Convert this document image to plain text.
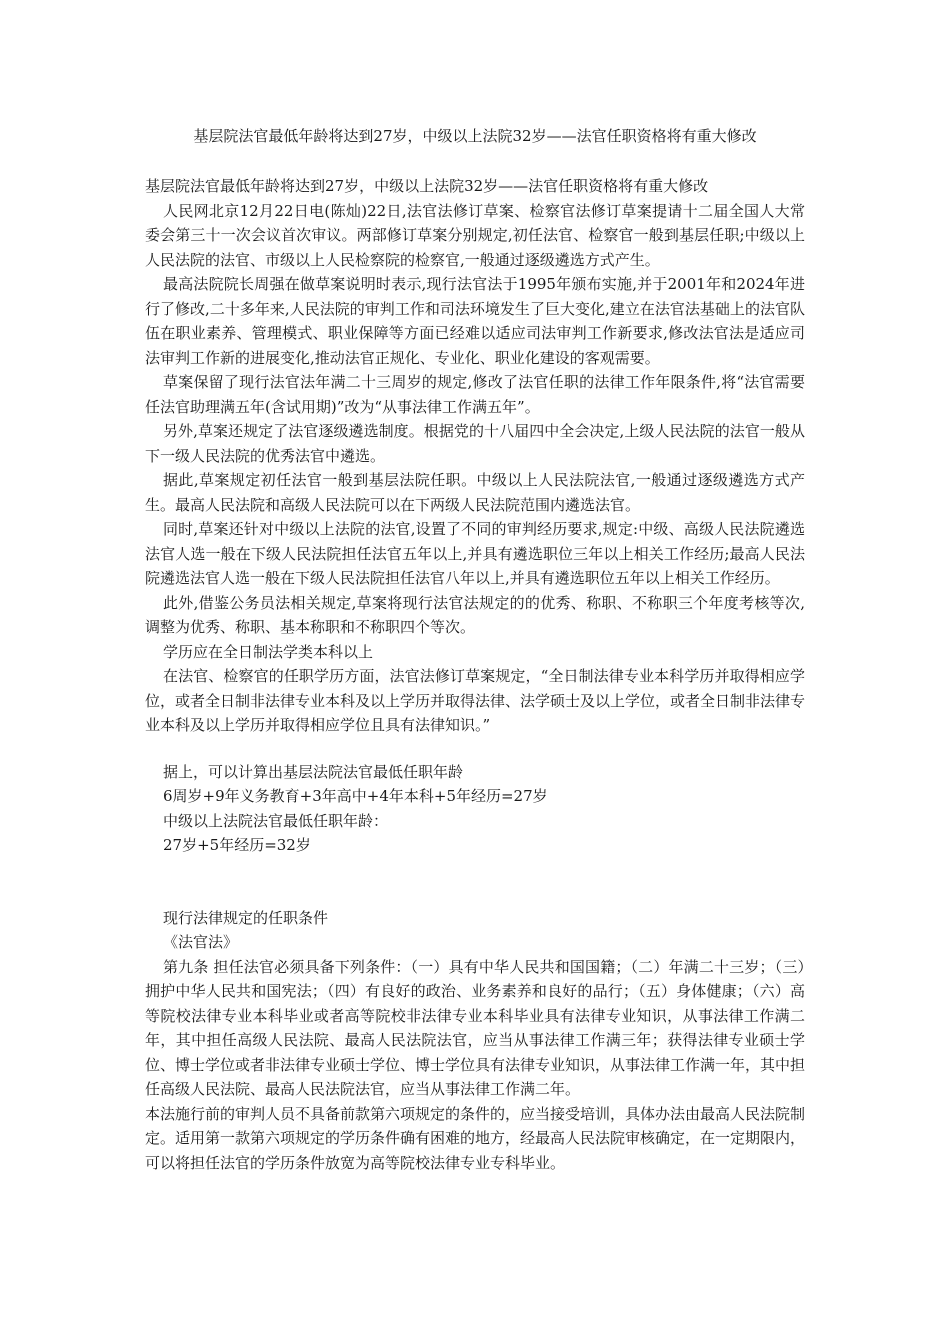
基层院法官最低年龄将达到27岁，中级以上法院32岁——法官任职资格将有重大修改

基层院法官最低年龄将达到27岁，中级以上法院32岁——法官任职资格将有重大修改

人民网北京12月22日电(陈灿)22日,法官法修订草案、检察官法修订草案提请十二届全国人大常委会第三十一次会议首次审议。两部修订草案分别规定,初任法官、检察官一般到基层任职;中级以上人民法院的法官、市级以上人民检察院的检察官,一般通过逐级遴选方式产生。

最高法院院长周强在做草案说明时表示,现行法官法于1995年颁布实施,并于2001年和2024年进行了修改,二十多年来,人民法院的审判工作和司法环境发生了巨大变化,建立在法官法基础上的法官队伍在职业素养、管理模式、职业保障等方面已经难以适应司法审判工作新要求,修改法官法是适应司法审判工作新的进展变化,推动法官正规化、专业化、职业化建设的客观需要。

草案保留了现行法官法年满二十三周岁的规定,修改了法官任职的法律工作年限条件,将“法官需要任法官助理满五年(含试用期)”改为“从事法律工作满五年”。

另外,草案还规定了法官逐级遴选制度。根据党的十八届四中全会决定,上级人民法院的法官一般从下一级人民法院的优秀法官中遴选。

据此,草案规定初任法官一般到基层法院任职。中级以上人民法院法官,一般通过逐级遴选方式产生。最高人民法院和高级人民法院可以在下两级人民法院范围内遴选法官。

同时,草案还针对中级以上法院的法官,设置了不同的审判经历要求,规定:中级、高级人民法院遴选法官人选一般在下级人民法院担任法官五年以上,并具有遴选职位三年以上相关工作经历;最高人民法院遴选法官人选一般在下级人民法院担任法官八年以上,并具有遴选职位五年以上相关工作经历。

此外,借鉴公务员法相关规定,草案将现行法官法规定的的优秀、称职、不称职三个年度考核等次,调整为优秀、称职、基本称职和不称职四个等次。

学历应在全日制法学类本科以上

在法官、检察官的任职学历方面，法官法修订草案规定，“全日制法律专业本科学历并取得相应学位，或者全日制非法律专业本科及以上学历并取得法律、法学硕士及以上学位，或者全日制非法律专业本科及以上学历并取得相应学位且具有法律知识。”

据上，可以计算出基层法院法官最低任职年龄

6周岁+9年义务教育+3年高中+4年本科+5年经历=27岁

中级以上法院法官最低任职年龄：

27岁+5年经历=32岁

现行法律规定的任职条件

《法官法》

第九条 担任法官必须具备下列条件：（一）具有中华人民共和国国籍；（二）年满二十三岁；（三）拥护中华人民共和国宪法；（四）有良好的政治、业务素养和良好的品行；（五）身体健康；（六）高等院校法律专业本科毕业或者高等院校非法律专业本科毕业具有法律专业知识，从事法律工作满二年，其中担任高级人民法院、最高人民法院法官，应当从事法律工作满三年；获得法律专业硕士学位、博士学位或者非法律专业硕士学位、博士学位具有法律专业知识，从事法律工作满一年，其中担任高级人民法院、最高人民法院法官，应当从事法律工作满二年。

本法施行前的审判人员不具备前款第六项规定的条件的，应当接受培训，具体办法由最高人民法院制定。适用第一款第六项规定的学历条件确有困难的地方，经最高人民法院审核确定，在一定期限内，可以将担任法官的学历条件放宽为高等院校法律专业专科毕业。
